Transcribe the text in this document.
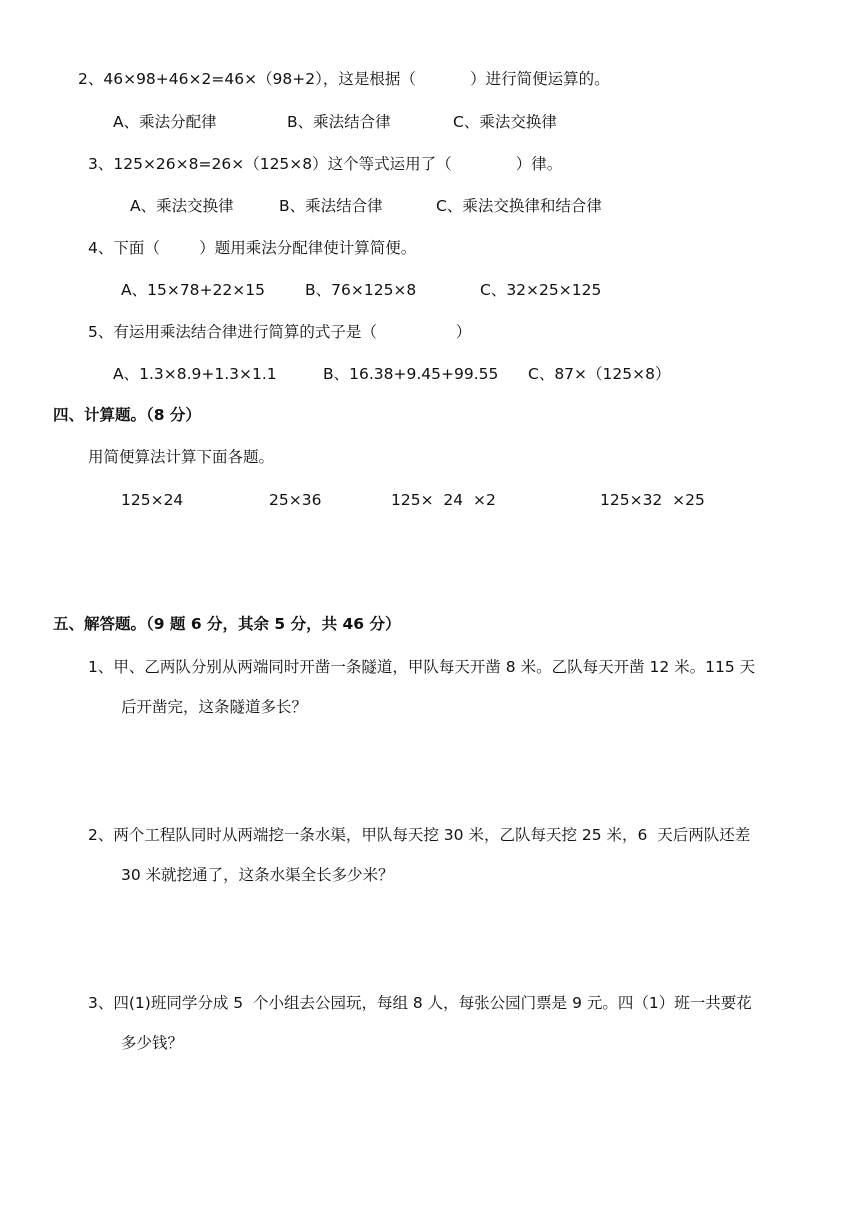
2、46×98+46×2=46×（98+2），这是根据（           ）进行简便运算的。
A、乘法分配律	B、乘法结合律	C、乘法交换律
3、125×26×8=26×（125×8）这个等式运用了（             ）律。
A、乘法交换律	B、乘法结合律	C、乘法交换律和结合律
4、下面（        ）题用乘法分配律使计算简便。
A、15×78+22×15	B、76×125×8	C、32×25×125
5、有运用乘法结合律进行简算的式子是（                ）
A、1.3×8.9+1.3×1.1	B、16.38+9.45+99.55 C、87×（125×8）
四、计算题。（8 分）
用简便算法计算下面各题。
125×24	25×36	125×  24  ×2	125×32  ×25
五、解答题。（9 题 6 分，其余 5 分，共 46 分）
1、甲、乙两队分别从两端同时开凿一条隧道，甲队每天开凿 8 米。乙队每天开凿 12 米。115 天
后开凿完，这条隧道多长？
2、两个工程队同时从两端挖一条水渠，甲队每天挖 30 米，乙队每天挖 25 米，6  天后两队还差
30 米就挖通了，这条水渠全长多少米？
3、四(1)班同学分成 5  个小组去公园玩，每组 8 人，每张公园门票是 9 元。四（1）班一共要花
多少钱？
